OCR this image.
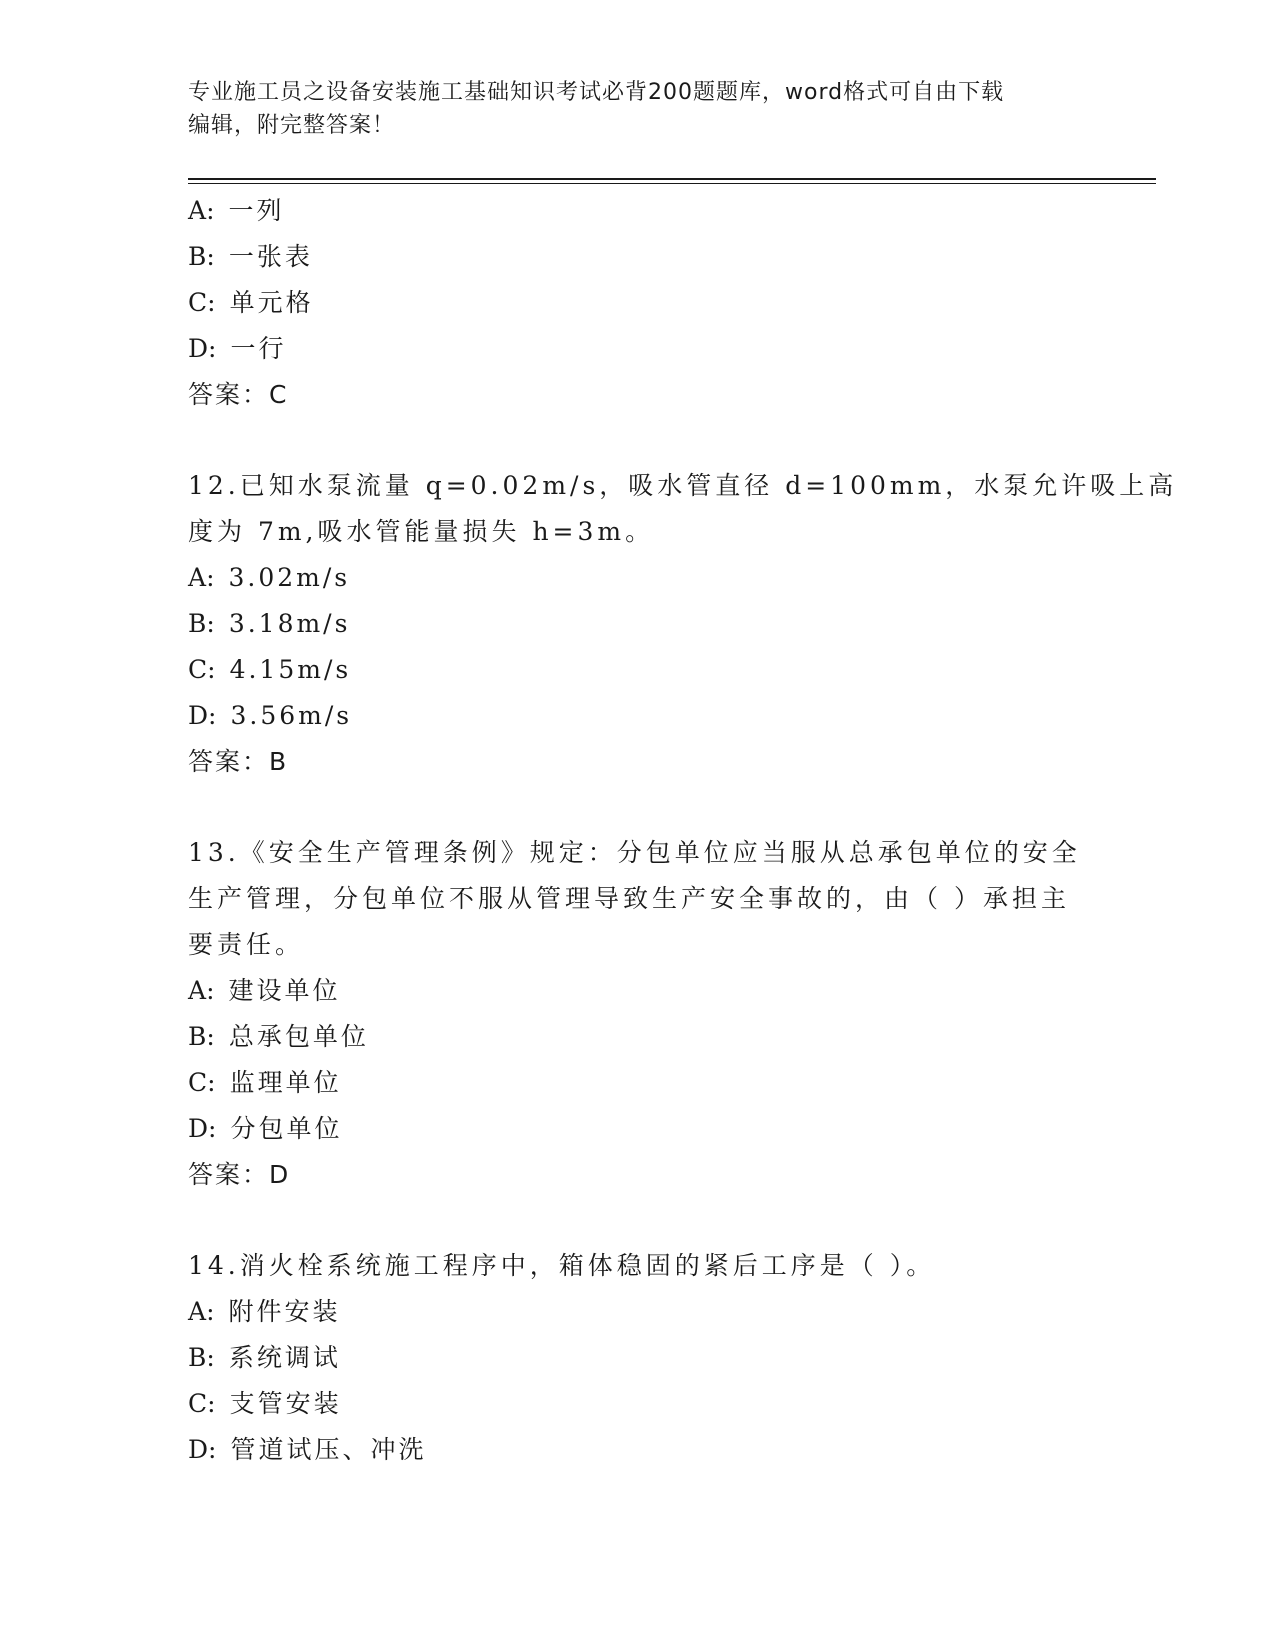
专业施工员之设备安装施工基础知识考试必背200题题库，word格式可自由下载
编辑，附完整答案！
A: 一列
B: 一张表
C: 单元格
D: 一行
答案：C
12.已知水泵流量 q=0.02m/s，吸水管直径 d=100mm，水泵允许吸上高
度为 7m,吸水管能量损失 h=3m。
A: 3.02m/s
B: 3.18m/s
C: 4.15m/s
D: 3.56m/s
答案：B
13.《安全生产管理条例》规定：分包单位应当服从总承包单位的安全
生产管理，分包单位不服从管理导致生产安全事故的，由（ ）承担主
要责任。
A: 建设单位
B: 总承包单位
C: 监理单位
D: 分包单位
答案：D
14.消火栓系统施工程序中，箱体稳固的紧后工序是（ ）。
A: 附件安装
B: 系统调试
C: 支管安装
D: 管道试压、冲洗
